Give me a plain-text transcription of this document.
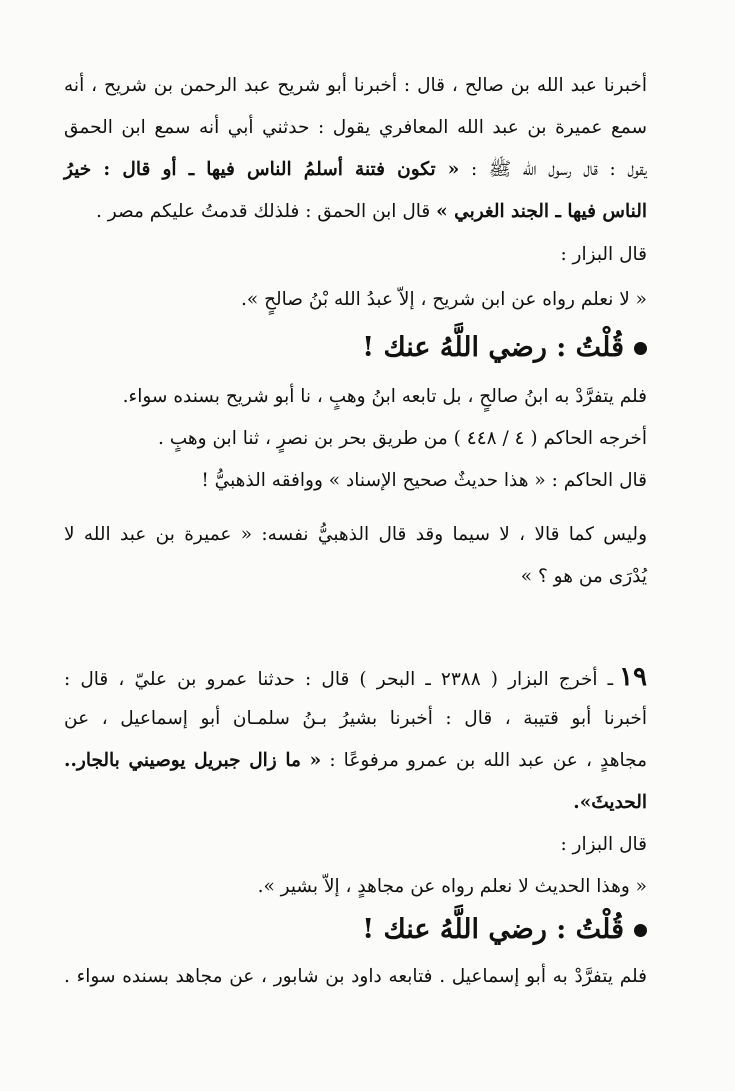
أخبرنا عبد الله بن صالح ، قال : أخبرنا أبو شريح عبد الرحمن بن شريح ، أنه
سمع عميرة بن عبد الله المعافري يقول : حدثني أبي أنه سمع ابن الحمق
يقول : قال رسول الله ﷺ : « تكون فتنة أسلمُ الناس فيها ـ أو قال : خيرُ
الناس فيها ـ الجند الغربي » قال ابن الحمق : فلذلك قدمتُ عليكم مصر .
قال البزار :
« لا نعلم رواه عن ابن شريح ، إلاّ عبدُ الله بْنُ صالحٍ ».
قُلْتُ : رضي اللَّهُ عنك !
فلم يتفرَّدْ به ابنُ صالحٍ ، بل تابعه ابنُ وهبٍ ، نا أبو شريح بسنده سواء.
أخرجه الحاكم ( ٤ / ٤٤٨ ) من طريق بحر بن نصرٍ ، ثنا ابن وهبٍ .
قال الحاكم : « هذا حديثٌ صحيح الإسناد » ووافقه الذهبيُّ !
وليس كما قالا ، لا سيما وقد قال الذهبيُّ نفسه: « عميرة بن عبد الله لا
يُدْرَى من هو ؟ »
١٩ـ أخرج البزار ( ٢٣٨٨ ـ البحر ) قال : حدثنا عمرو بن عليّ ، قال :
أخبرنا أبو قتيبة ، قال : أخبرنا بشيرُ بـنُ سلمـان أبو إسماعيل ، عن
مجاهدٍ ، عن عبد الله بن عمرو مرفوعًا : « ما زال جبريل يوصيني بالجار..
الحديثَ».
قال البزار :
« وهذا الحديث لا نعلم رواه عن مجاهدٍ ، إلاّ بشير ».
قُلْتُ : رضي اللَّهُ عنك !
فلم يتفرَّدْ به أبو إسماعيل . فتابعه داود بن شابور ، عن مجاهد بسنده سواء .
